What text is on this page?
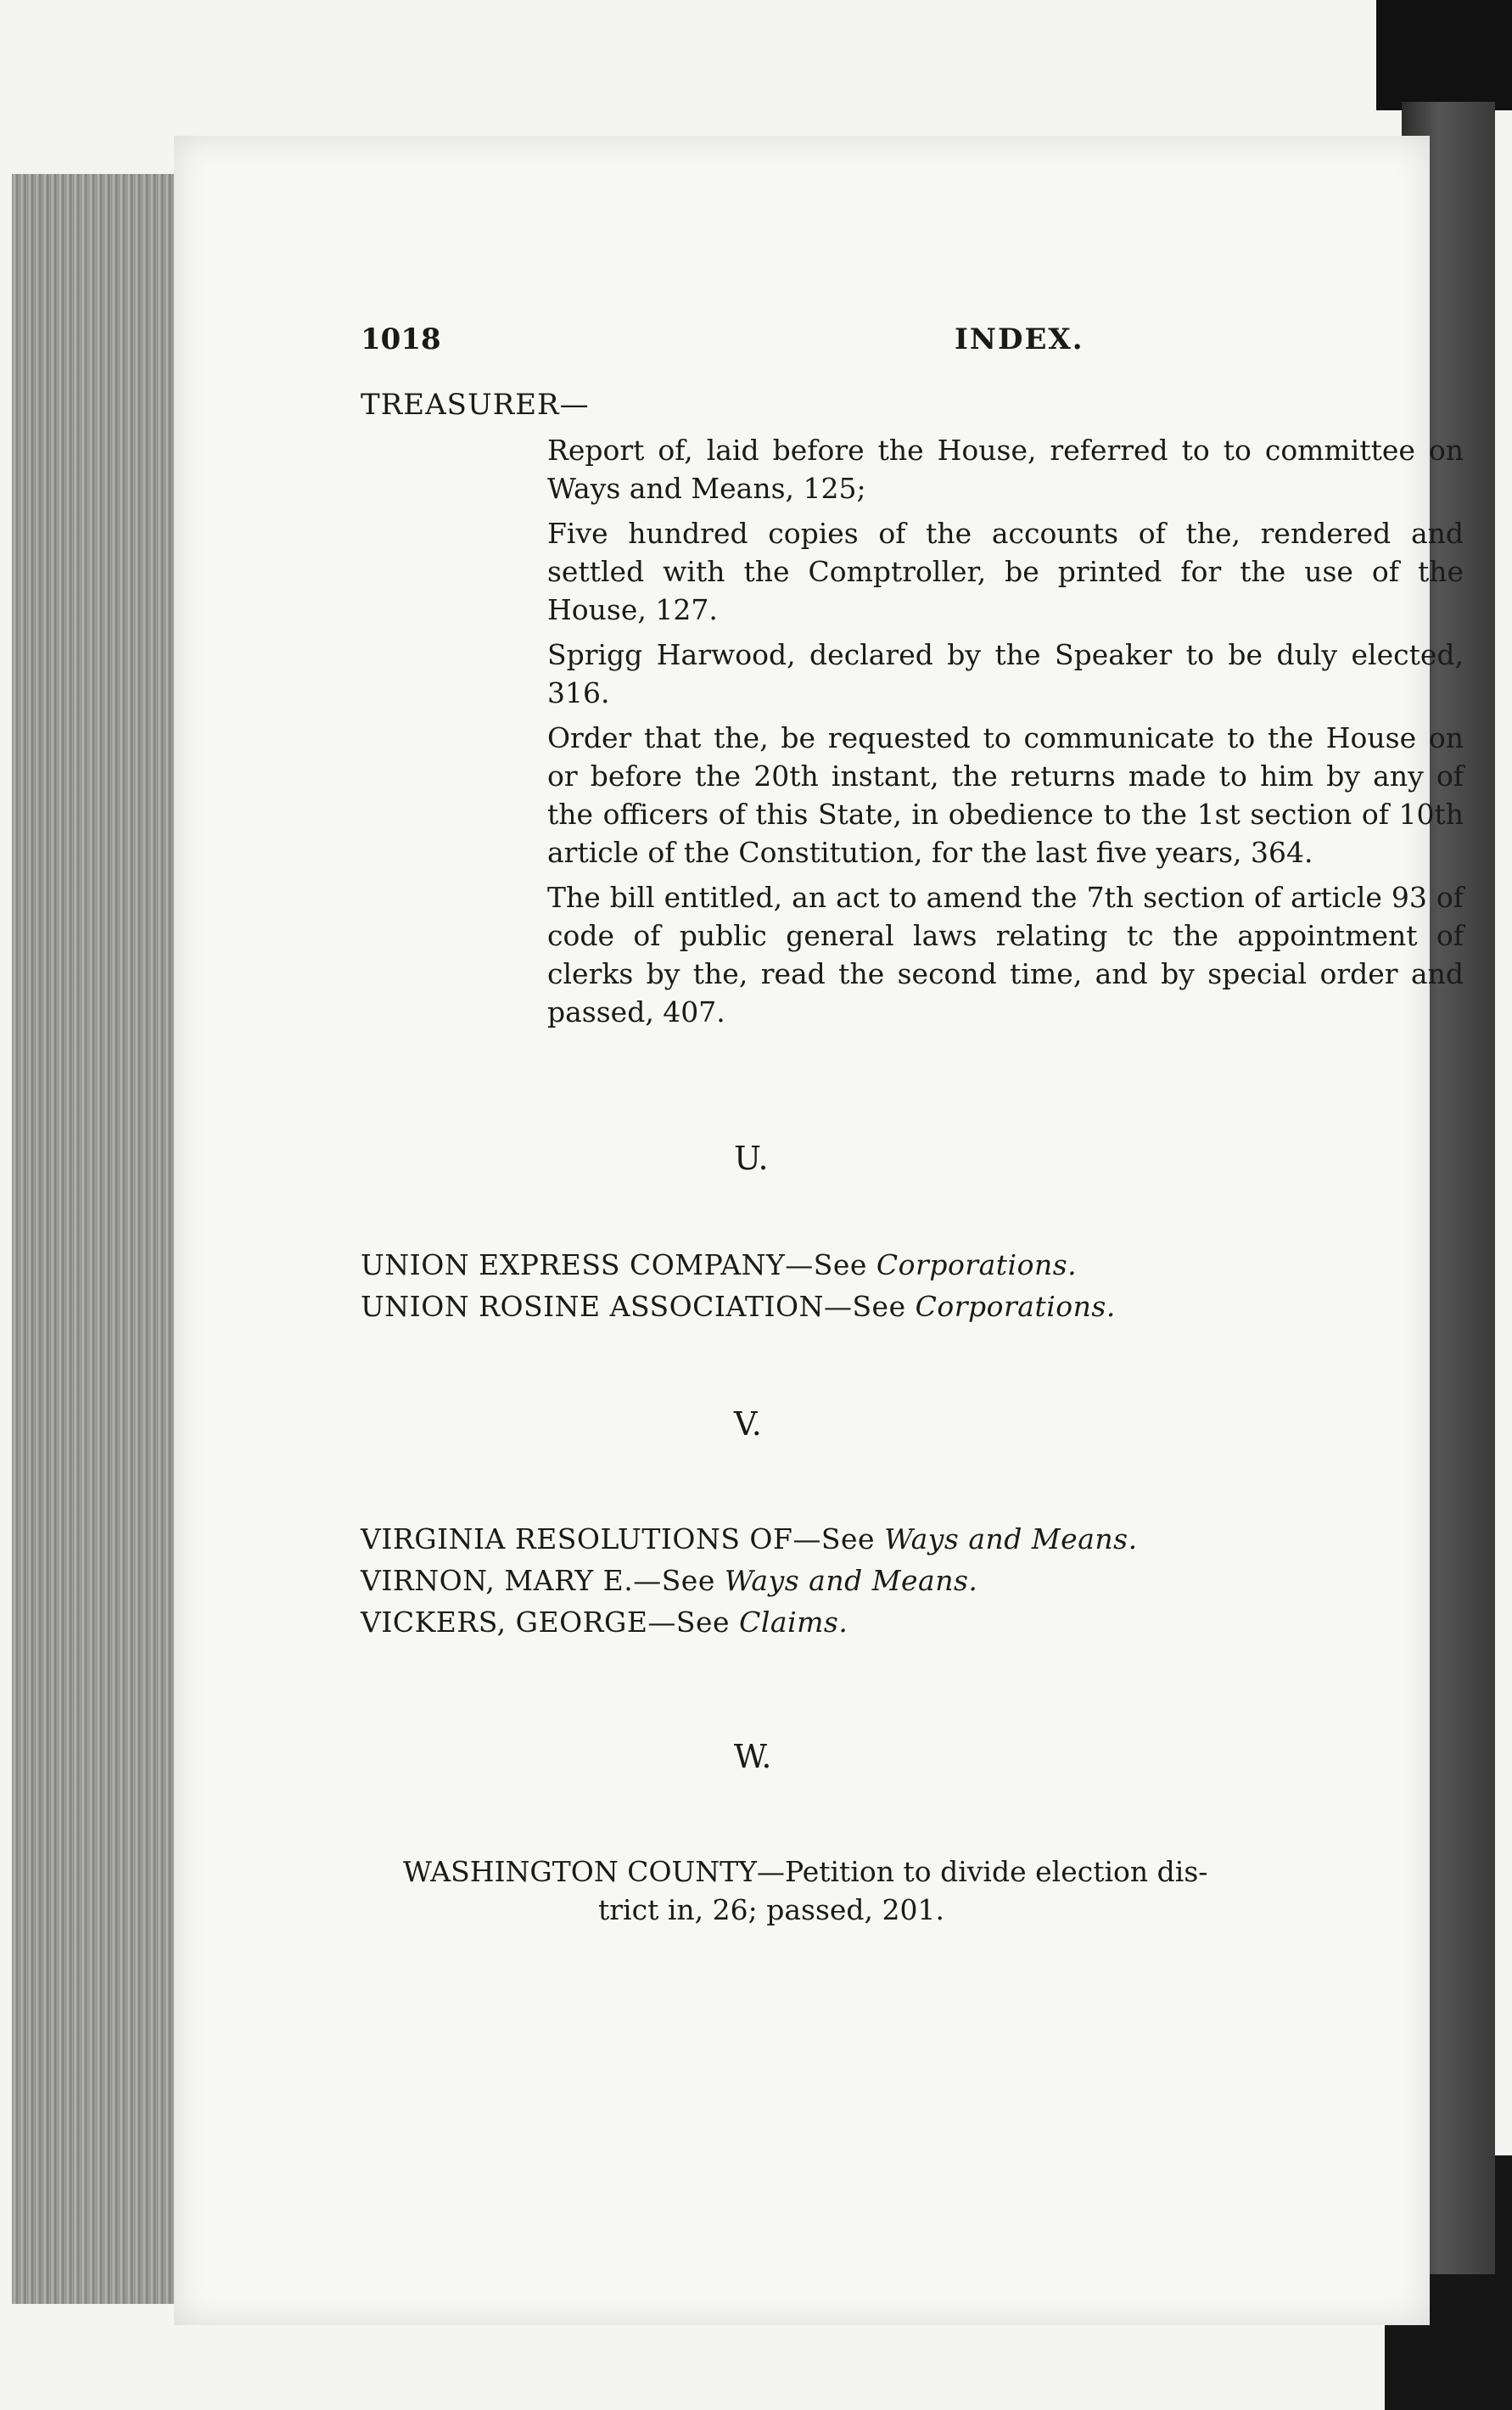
1018	INDEX.

TREASURER—

Report of, laid before the House, referred to to committee on Ways and Means, 125;

Five hundred copies of the accounts of the, rendered and settled with the Comptroller, be printed for the use of the House, 127.

Sprigg Harwood, declared by the Speaker to be duly elected, 316.

Order that the, be requested to communicate to the House on or before the 20th instant, the returns made to him by any of the officers of this State, in obedience to the 1st section of 10th article of the Constitution, for the last five years, 364.

The bill entitled, an act to amend the 7th section of article 93 of code of public general laws relating tc the appointment of clerks by the, read the second time, and by special order and passed, 407.

U.

UNION EXPRESS COMPANY—See Corporations.

UNION ROSINE ASSOCIATION—See Corporations.

V.

VIRGINIA RESOLUTIONS OF—See Ways and Means.

VIRNON, MARY E.—See Ways and Means.

VICKERS, GEORGE—See Claims.

W.

WASHINGTON COUNTY—Petition to divide election dis-
trict in, 26; passed, 201.
